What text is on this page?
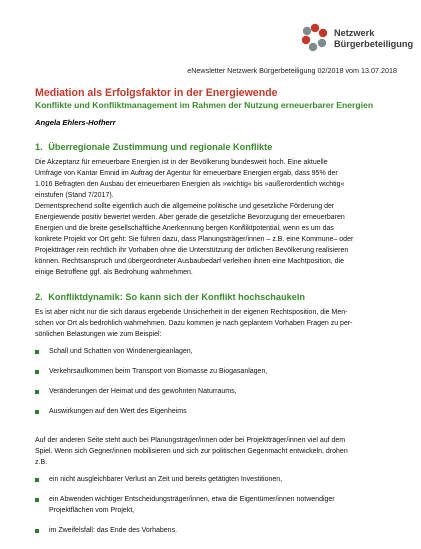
Netzwerk
Bürgerbeteiligung
eNewsletter Netzwerk Bürgerbeteiligung 02/2018 vom 13.07.2018
Mediation als Erfolgsfaktor in der Energiewende
Konflikte und Konfliktmanagement im Rahmen der Nutzung erneuerbarer Energien
Angela Ehlers-Hofherr
1. Überregionale Zustimmung und regionale Konflikte
Die Akzeptanz für erneuerbare Energien ist in der Bevölkerung bundesweit hoch. Eine aktuelle
Umfrage von Kantar Emnid im Auftrag der Agentur für erneuerbare Energien ergab, dass 95% der
1.016 Befragten den Ausbau der erneuerbaren Energien als »wichtig« bis »außerordentlich wichtig«
einstufen (Stand 7/2017).
Dementsprechend sollte eigentlich auch die allgemeine politische und gesetzliche Förderung der
Energiewende positiv bewertet werden. Aber gerade die gesetzliche Bevorzugung der erneuerbaren
Energien und die breite gesellschaftliche Anerkennung bergen Konfliktpotential, wenn es um das
konkrete Projekt vor Ort geht: Sie führen dazu, dass Planungsträger/innen – z.B. eine Kommune– oder
Projektträger rein rechtlich ihr Vorhaben ohne die Unterstützung der örtlichen Bevölkerung realisieren
können. Rechtsanspruch und übergeordneter Ausbaubedarf verleihen ihnen eine Machtposition, die
einige Betroffene ggf. als Bedrohung wahrnehmen.
2. Konfliktdynamik: So kann sich der Konflikt hochschaukeln
Es ist aber nicht nur die sich daraus ergebende Unsicherheit in der eigenen Rechtsposition, die Men-
schen vor Ort als bedrohlich wahrnehmen. Dazu kommen je nach geplantem Vorhaben Fragen zu per-
sönlichen Belastungen wie zum Beispiel:
Schall und Schatten von Windenergieanlagen,
Verkehrsaufkommen beim Transport von Biomasse zu Biogasanlagen,
Veränderungen der Heimat und des gewohnten Naturraums,
Auswirkungen auf den Wert des Eigenheims
Auf der anderen Seite steht auch bei Planungsträger/innen oder bei Projektträger/innen viel auf dem
Spiel. Wenn sich Gegner/innen mobilisieren und sich zur politischen Gegenmacht entwickeln, drohen
z.B.
ein nicht ausgleichbarer Verlust an Zeit und bereits getätigten Investitionen,
ein Abwenden wichtiger Entscheidungsträger/innen, etwa die Eigentümer/innen notwendiger
Projektflächen vom Projekt,
im Zweifelsfall: das Ende des Vorhabens.
